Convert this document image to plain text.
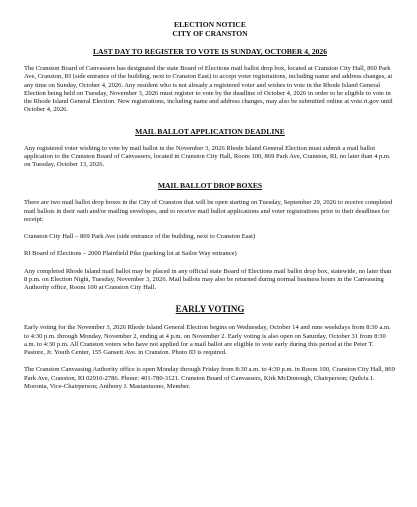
ELECTION NOTICE
CITY OF CRANSTON
LAST DAY TO REGISTER TO VOTE IS SUNDAY, OCTOBER 4, 2026

The Cranston Board of Canvassers has designated the state Board of Elections mail ballot drop box, located at Cranston City Hall, 869 Park Ave, Cranston, RI (side entrance of the building, next to Cranston East) to accept voter registrations, including name and address changes, at any time on Sunday, October 4, 2026. Any resident who is not already a registered voter and wishes to vote in the Rhode Island General Election being held on Tuesday, November 3, 2026 must register to vote by the deadline of October 4, 2026 in order to be eligible to vote in the Rhode Island General Election. New registrations, including name and address changes, may also be submitted online at vote.ri.gov until October 4, 2026.

MAIL BALLOT APPLICATION DEADLINE

Any registered voter wishing to vote by mail ballot in the November 3, 2026 Rhode Island General Election must submit a mail ballot application to the Cranston Board of Canvassers, located in Cranston City Hall, Room 100, 869 Park Ave, Cranston, RI, no later than 4 p.m. on Tuesday, October 13, 2026.

MAIL BALLOT DROP BOXES

There are two mail ballot drop boxes in the City of Cranston that will be open starting on Tuesday, September 29, 2026 to receive completed mail ballots in their oath and/or mailing envelopes, and to receive mail ballot applications and voter registrations prior to their deadlines for receipt:

Cranston City Hall – 869 Park Ave (side entrance of the building, next to Cranston East)

RI Board of Elections – 2000 Plainfield Pike (parking lot at Sailor Way entrance)

Any completed Rhode Island mail ballot may be placed in any official state Board of Elections mail ballot drop box, statewide, no later than 8 p.m. on Election Night, Tuesday, November 3, 2026. Mail ballots may also be returned during normal business hours in the Canvassing Authority office, Room 100 at Cranston City Hall.

EARLY VOTING

Early voting for the November 3, 2026 Rhode Island General Election begins on Wednesday, October 14 and runs weekdays from 8:30 a.m. to 4:30 p.m. through Monday, November 2, ending at 4 p.m. on November 2. Early voting is also open on Saturday, October 31 from 8:30 a.m. to 4:30 p.m. All Cranston voters who have not applied for a mail ballot are eligible to vote early during this period at the Peter T. Pastore, Jr. Youth Center, 155 Gansett Ave. in Cranston. Photo ID is required.

The Cranston Canvassing Authority office is open Monday through Friday from 8:30 a.m. to 4:30 p.m. in Room 100, Cranston City Hall, 869 Park Ave, Cranston, RI 02910-2786. Phone: 401-780-3121. Cranston Board of Canvassers, Kirk McDonough, Chairperson; Quilcia I. Moronta, Vice-Chairperson; Anthony J. Mastantuono, Member.
